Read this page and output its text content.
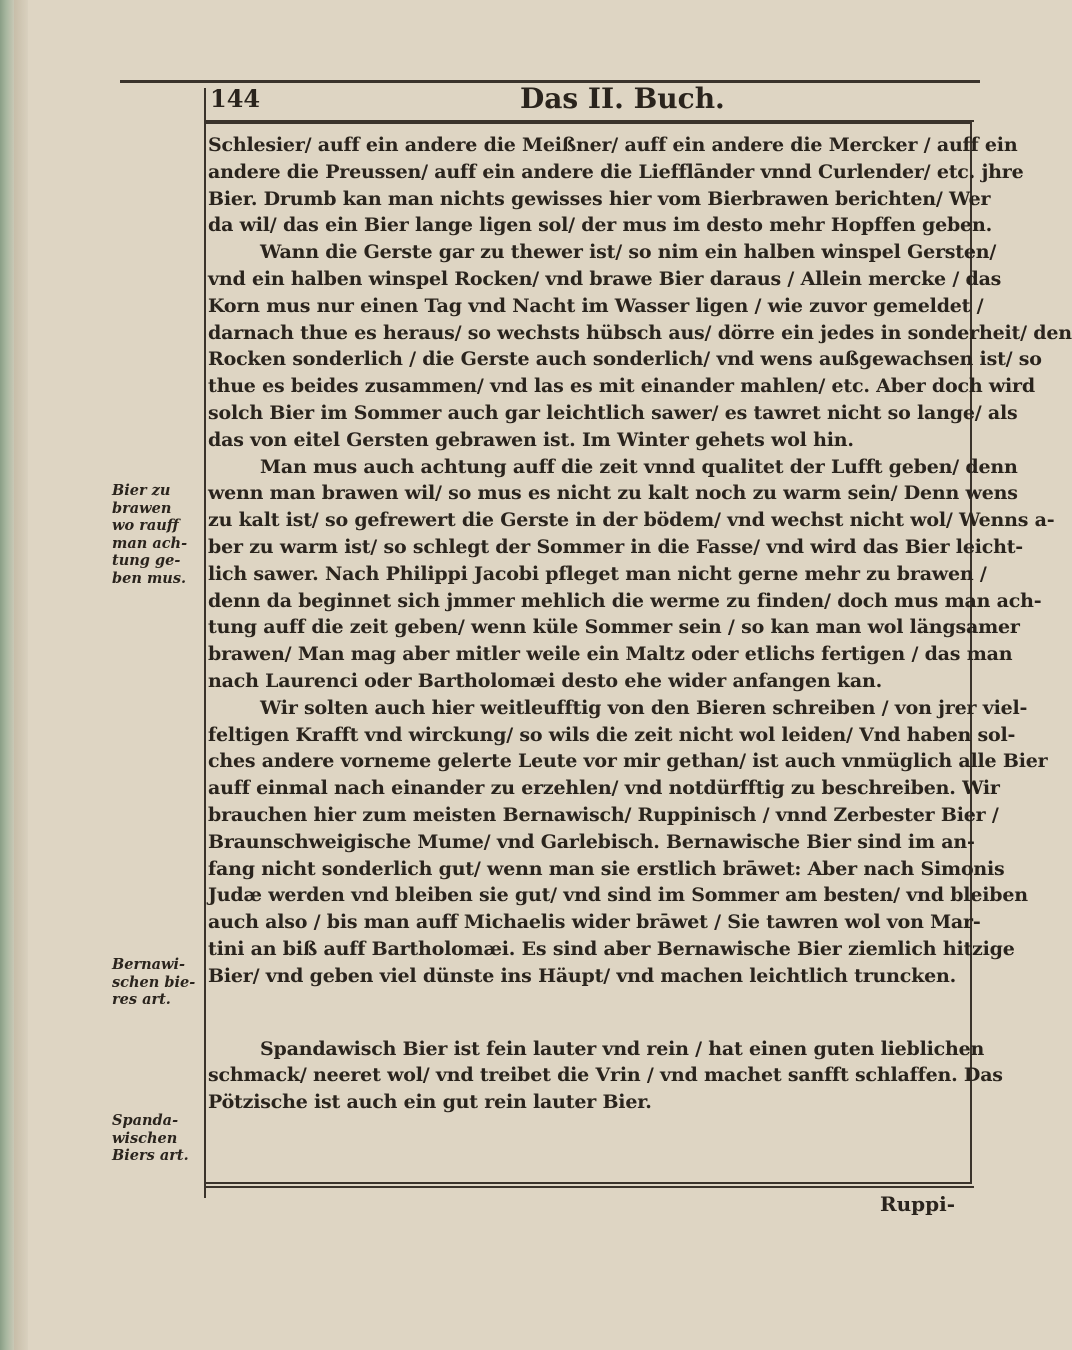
144	Das II. Buch.
Schlesier/ auff ein andere die Meißner/ auff ein andere die Mercker / auff ein
andere die Preussen/ auff ein andere die Liefflānder vnnd Curlender/ etc. jhre
Bier. Drumb kan man nichts gewisses hier vom Bierbrawen berichten/ Wer
da wil/ das ein Bier lange ligen sol/ der mus im desto mehr Hopffen geben.
Wann die Gerste gar zu thewer ist/ so nim ein halben winspel Gersten/
vnd ein halben winspel Rocken/ vnd brawe Bier daraus / Allein mercke / das
Korn mus nur einen Tag vnd Nacht im Wasser ligen / wie zuvor gemeldet /
darnach thue es heraus/ so wechsts hübsch aus/ dörre ein jedes in sonderheit/ den
Rocken sonderlich / die Gerste auch sonderlich/ vnd wens außgewachsen ist/ so
thue es beides zusammen/ vnd las es mit einander mahlen/ etc. Aber doch wird
solch Bier im Sommer auch gar leichtlich sawer/ es tawret nicht so lange/ als
das von eitel Gersten gebrawen ist. Im Winter gehets wol hin.
Man mus auch achtung auff die zeit vnnd qualitet der Lufft geben/ denn
wenn man brawen wil/ so mus es nicht zu kalt noch zu warm sein/ Denn wens
zu kalt ist/ so gefrewert die Gerste in der bödem/ vnd wechst nicht wol/ Wenns a-
ber zu warm ist/ so schlegt der Sommer in die Fasse/ vnd wird das Bier leicht-
lich sawer. Nach Philippi Jacobi pfleget man nicht gerne mehr zu brawen /
denn da beginnet sich jmmer mehlich die werme zu finden/ doch mus man ach-
tung auff die zeit geben/ wenn küle Sommer sein / so kan man wol längsamer
brawen/ Man mag aber mitler weile ein Maltz oder etlichs fertigen / das man
nach Laurenci oder Bartholomæi desto ehe wider anfangen kan.
Wir solten auch hier weitleufftig von den Bieren schreiben / von jrer viel-
feltigen Krafft vnd wirckung/ so wils die zeit nicht wol leiden/ Vnd haben sol-
ches andere vorneme gelerte Leute vor mir gethan/ ist auch vnmüglich alle Bier
auff einmal nach einander zu erzehlen/ vnd notdürfftig zu beschreiben. Wir
brauchen hier zum meisten Bernawisch/ Ruppinisch / vnnd Zerbester Bier /
Braunschweigische Mume/ vnd Garlebisch. Bernawische Bier sind im an-
fang nicht sonderlich gut/ wenn man sie erstlich brāwet: Aber nach Simonis
Judæ werden vnd bleiben sie gut/ vnd sind im Sommer am besten/ vnd bleiben
auch also / bis man auff Michaelis wider brāwet / Sie tawren wol von Mar-
tini an biß auff Bartholomæi. Es sind aber Bernawische Bier ziemlich hitzige
Bier/ vnd geben viel dünste ins Häupt/ vnd machen leichtlich truncken.
Spandawisch Bier ist fein lauter vnd rein / hat einen guten lieblichen
schmack/ neeret wol/ vnd treibet die Vrin / vnd machet sanfft schlaffen. Das
Pötzische ist auch ein gut rein lauter Bier.
Bier zu
brawen
wo rauff
man ach-
tung ge-
ben mus.
Bernawi-
schen bie-
res art.
Spanda-
wischen
Biers art.
Ruppi-
